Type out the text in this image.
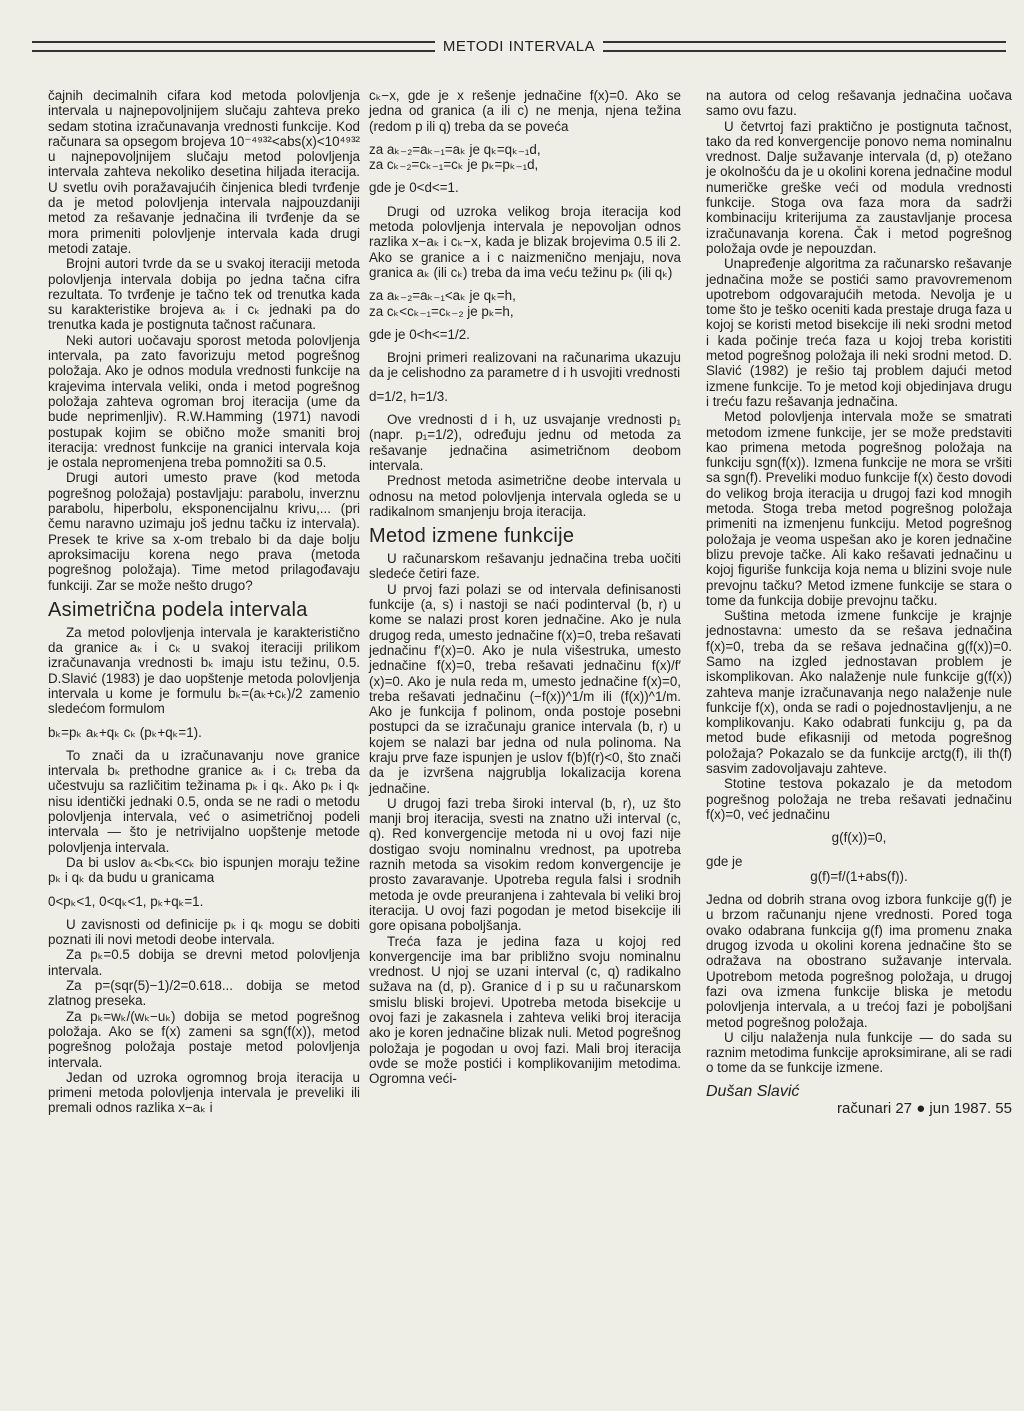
METODI INTERVALA

čajnih decimalnih cifara kod metoda polovljenja intervala u najnepovoljnijem slučaju zahteva preko sedam stotina izračunavanja vrednosti funkcije. Kod računara sa opsegom brojeva 10⁻⁴⁹³²<abs(x)<10⁴⁹³² u najnepovoljnijem slučaju metod polovljenja intervala zahteva nekoliko desetina hiljada iteracija. U svetlu ovih poražavajućih činjenica bledi tvrđenje da je metod polovljenja intervala najpouzdaniji metod za rešavanje jednačina ili tvrđenje da se mora primeniti polovljenje intervala kada drugi metodi zataje.

Brojni autori tvrde da se u svakoj iteraciji metoda polovljenja intervala dobija po jedna tačna cifra rezultata. To tvrđenje je tačno tek od trenutka kada su karakteristike brojeva aₖ i cₖ jednaki pa do trenutka kada je postignuta tačnost računara.

Neki autori uočavaju sporost metoda polovljenja intervala, pa zato favorizuju metod pogrešnog položaja. Ako je odnos modula vrednosti funkcije na krajevima intervala veliki, onda i metod pogrešnog položaja zahteva ogroman broj iteracija (ume da bude neprimenljiv). R.W.Hamming (1971) navodi postupak kojim se obično može smaniti broj iteracija: vrednost funkcije na granici intervala koja je ostala nepromenjena treba pomnožiti sa 0.5.

Drugi autori umesto prave (kod metoda pogrešnog položaja) postavljaju: parabolu, inverznu parabolu, hiperbolu, eksponencijalnu krivu,... (pri čemu naravno uzimaju još jednu tačku iz intervala). Presek te krive sa x-om trebalo bi da daje bolju aproksimaciju korena nego prava (metoda pogrešnog položaja). Time metod prilagođavaju funkciji. Zar se može nešto drugo?

Asimetrična podela intervala

Za metod polovljenja intervala je karakteristično da granice aₖ i cₖ u svakoj iteraciji prilikom izračunavanja vrednosti bₖ imaju istu težinu, 0.5. D.Slavić (1983) je dao uopštenje metoda polovljenja intervala u kome je formulu bₖ=(aₖ+cₖ)/2 zamenio sledećom formulom

bₖ=pₖ aₖ+qₖ cₖ (pₖ+qₖ=1).

To znači da u izračunavanju nove granice intervala bₖ prethodne granice aₖ i cₖ treba da učestvuju sa različitim težinama pₖ i qₖ. Ako pₖ i qₖ nisu identički jednaki 0.5, onda se ne radi o metodu polovljenja intervala, već o asimetričnoj podeli intervala — što je netrivijalno uopštenje metode polovljenja intervala.

Da bi uslov aₖ<bₖ<cₖ bio ispunjen moraju težine pₖ i qₖ da budu u granicama

0<pₖ<1, 0<qₖ<1, pₖ+qₖ=1.

U zavisnosti od definicije pₖ i qₖ mogu se dobiti poznati ili novi metodi deobe intervala.

Za pₖ=0.5 dobija se drevni metod polovljenja intervala.

Za p=(sqr(5)−1)/2=0.618... dobija se metod zlatnog preseka.

Za pₖ=wₖ/(wₖ−uₖ) dobija se metod pogrešnog položaja. Ako se f(x) zameni sa sgn(f(x)), metod pogrešnog položaja postaje metod polovljenja intervala.

Jedan od uzroka ogromnog broja iteracija u primeni metoda polovljenja intervala je preveliki ili premali odnos razlika x−aₖ i

cₖ−x, gde je x rešenje jednačine f(x)=0. Ako se jedna od granica (a ili c) ne menja, njena težina (redom p ili q) treba da se poveća

za aₖ₋₂=aₖ₋₁=aₖ je qₖ=qₖ₋₁d,

za cₖ₋₂=cₖ₋₁=cₖ je pₖ=pₖ₋₁d,

gde je 0<d<=1.

Drugi od uzroka velikog broja iteracija kod metoda polovljenja intervala je nepovoljan odnos razlika x−aₖ i cₖ−x, kada je blizak brojevima 0.5 ili 2. Ako se granice a i c naizmenično menjaju, nova granica aₖ (ili cₖ) treba da ima veću težinu pₖ (ili qₖ)

za aₖ₋₂=aₖ₋₁<aₖ je qₖ=h,

za cₖ<cₖ₋₁=cₖ₋₂ je pₖ=h,

gde je 0<h<=1/2.

Brojni primeri realizovani na računarima ukazuju da je celishodno za parametre d i h usvojiti vrednosti

d=1/2, h=1/3.

Ove vrednosti d i h, uz usvajanje vrednosti p₁ (napr. p₁=1/2), određuju jednu od metoda za rešavanje jednačina asimetričnom deobom intervala.

Prednost metoda asimetrične deobe intervala u odnosu na metod polovljenja intervala ogleda se u radikalnom smanjenju broja iteracija.

Metod izmene funkcije

U računarskom rešavanju jednačina treba uočiti sledeće četiri faze.

U prvoj fazi polazi se od intervala definisanosti funkcije (a, s) i nastoji se naći podinterval (b, r) u kome se nalazi prost koren jednačine. Ako je nula drugog reda, umesto jednačine f(x)=0, treba rešavati jednačinu f′(x)=0. Ako je nula višestruka, umesto jednačine f(x)=0, treba rešavati jednačinu f(x)/f′(x)=0. Ako je nula reda m, umesto jednačine f(x)=0, treba rešavati jednačinu (−f(x))^1/m ili (f(x))^1/m. Ako je funkcija f polinom, onda postoje posebni postupci da se izračunaju granice intervala (b, r) u kojem se nalazi bar jedna od nula polinoma. Na kraju prve faze ispunjen je uslov f(b)f(r)<0, što znači da je izvršena najgrublja lokalizacija korena jednačine.

U drugoj fazi treba široki interval (b, r), uz što manji broj iteracija, svesti na znatno uži interval (c, q). Red konvergencije metoda ni u ovoj fazi nije dostigao svoju nominalnu vrednost, pa upotreba raznih metoda sa visokim redom konvergencije je prosto zavaravanje. Upotreba regula falsi i srodnih metoda je ovde preuranjena i zahtevala bi veliki broj iteracija. U ovoj fazi pogodan je metod bisekcije ili gore opisana poboljšanja.

Treća faza je jedina faza u kojoj red konvergencije ima bar približno svoju nominalnu vrednost. U njoj se uzani interval (c, q) radikalno sužava na (d, p). Granice d i p su u računarskom smislu bliski brojevi. Upotreba metoda bisekcije u ovoj fazi je zakasnela i zahteva veliki broj iteracija ako je koren jednačine blizak nuli. Metod pogrešnog položaja je pogodan u ovoj fazi. Mali broj iteracija ovde se može postići i komplikovanijim metodima. Ogromna veći-

na autora od celog rešavanja jednačina uočava samo ovu fazu.

U četvrtoj fazi praktično je postignuta tačnost, tako da red konvergencije ponovo nema nominalnu vrednost. Dalje sužavanje intervala (d, p) otežano je okolnošću da je u okolini korena jednačine modul numeričke greške veći od modula vrednosti funkcije. Stoga ova faza mora da sadrži kombinaciju kriterijuma za zaustavljanje procesa izračunavanja korena. Čak i metod pogrešnog položaja ovde je nepouzdan.

Unapređenje algoritma za računarsko rešavanje jednačina može se postići samo pravovremenom upotrebom odgovarajućih metoda. Nevolja je u tome što je teško oceniti kada prestaje druga faza u kojoj se koristi metod bisekcije ili neki srodni metod i kada počinje treća faza u kojoj treba koristiti metod pogrešnog položaja ili neki srodni metod. D. Slavić (1982) je rešio taj problem dajući metod izmene funkcije. To je metod koji objedinjava drugu i treću fazu rešavanja jednačina.

Metod polovljenja intervala može se smatrati metodom izmene funkcije, jer se može predstaviti kao primena metoda pogrešnog položaja na funkciju sgn(f(x)). Izmena funkcije ne mora se vršiti sa sgn(f). Preveliki moduo funkcije f(x) često dovodi do velikog broja iteracija u drugoj fazi kod mnogih metoda. Stoga treba metod pogrešnog položaja primeniti na izmenjenu funkciju. Metod pogrešnog položaja je veoma uspešan ako je koren jednačine blizu prevoje tačke. Ali kako rešavati jednačinu u kojoj figuriše funkcija koja nema u blizini svoje nule prevojnu tačku? Metod izmene funkcije se stara o tome da funkcija dobije prevojnu tačku.

Suština metoda izmene funkcije je krajnje jednostavna: umesto da se rešava jednačina f(x)=0, treba da se rešava jednačina g(f(x))=0. Samo na izgled jednostavan problem je iskomplikovan. Ako nalaženje nule funkcije g(f(x)) zahteva manje izračunavanja nego nalaženje nule funkcije f(x), onda se radi o pojednostavljenju, a ne komplikovanju. Kako odabrati funkciju g, pa da metod bude efikasniji od metoda pogrešnog položaja? Pokazalo se da funkcije arctg(f), ili th(f) sasvim zadovoljavaju zahteve.

Stotine testova pokazalo je da metodom pogrešnog položaja ne treba rešavati jednačinu f(x)=0, već jednačinu

g(f(x))=0,

gde je

g(f)=f/(1+abs(f)).

Jedna od dobrih strana ovog izbora funkcije g(f) je u brzom računanju njene vrednosti. Pored toga ovako odabrana funkcija g(f) ima promenu znaka drugog izvoda u okolini korena jednačine što se odražava na obostrano sužavanje intervala. Upotrebom metoda pogrešnog položaja, u drugoj fazi ova izmena funkcije bliska je metodu polovljenja intervala, a u trećoj fazi je poboljšani metod pogrešnog položaja.

U cilju nalaženja nula funkcije — do sada su raznim metodima funkcije aproksimirane, ali se radi o tome da se funkcije izmene.

Dušan Slavić

računari 27 ● jun 1987. 55
